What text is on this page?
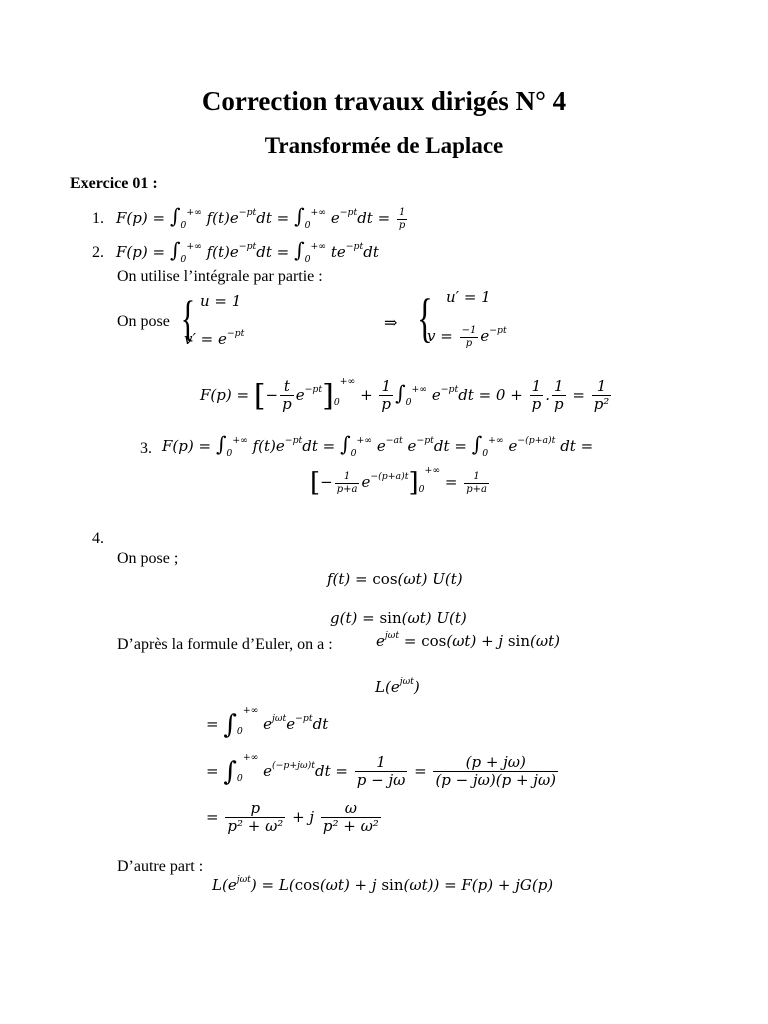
Correction travaux dirigés N° 4
Transformée de Laplace
Exercice 01 :
1. $F(p) = \int_0^{+\infty}$ $f(t)e^{-pt}dt = \int_0^{+\infty}$ $e^{-pt}dt = \frac{1}{p}$
2. $F(p) = \int_0^{+\infty}$ $f(t)e^{-pt}dt = \int_0^{+\infty}$ $te^{-pt}dt$
On utilise l’intégrale par partie :
On pose { u = 1
$v' = e^{-pt}$
⇒ { u′ = 1
$v = \frac{-1}{p} e^{-pt}$
F(p) = [− $\frac{t}{p} e^{-pt}]_0^{+\infty} + \frac{1}{p} \int_0^{+\infty}$ $e^{-pt}dt = 0 + \frac{1}{p}$ . $\frac{1}{p} = \frac{1}{\text{p²}}$
3. $F(p) = \int_0^{+\infty}$ $f(t)e^{-pt}dt = \int_0^{+\infty}$ $e^{-at}$ $e^{-pt}dt = \int_0^{+\infty}$ $e^{-(p+a)t}$ dt =
[− $\frac{1}{p+a} e^{-(p+a)t}]_0^{+\infty} = \frac{1}{p+a}$
4.
On pose ;
f(t) = cos(ωt) U(t)
g(t) = sin(ωt) U(t)
D’après la formule d’Euler, on a :	$e^{j\omega t} = \cos(\omega t) + j$ sin(ωt)
$L(e^{j\omega t})$
= $\int_0^{+\infty}$ $e^{j\omega t}e^{-pt}dt$
= $\int_0^{+\infty}$ $e^{(-p+j\omega)t}dt = \frac{1}{p - j\omega} = \frac{(p + j\omega)}{(p - j\omega)(p + j\omega)}$
= $\frac{p}{\text{p² + ω²}} + j \frac{\omega}{\text{p² + ω²}}$
D’autre part :
$L(e^{j\omega t}) = L(\cos(\omega t) + j$ sin(ωt)) = F(p) + jG(p)
